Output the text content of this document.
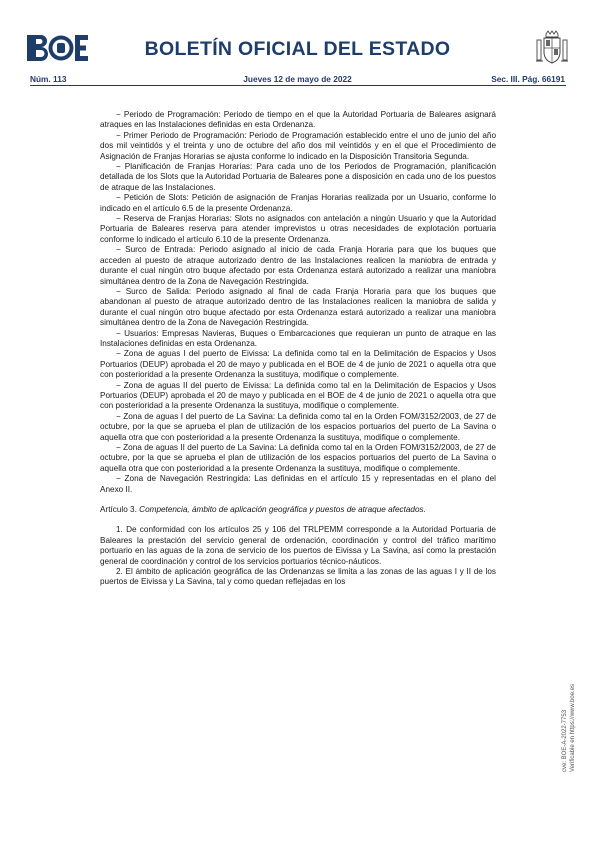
BOLETÍN OFICIAL DEL ESTADO
Núm. 113	Jueves 12 de mayo de 2022	Sec. III. Pág. 66191

− Periodo de Programación: Periodo de tiempo en el que la Autoridad Portuaria de Baleares asignará atraques en las Instalaciones definidas en esta Ordenanza.

− Primer Periodo de Programación: Periodo de Programación establecido entre el uno de junio del año dos mil veintidós y el treinta y uno de octubre del año dos mil veintidós y en el que el Procedimiento de Asignación de Franjas Horarias se ajusta conforme lo indicado en la Disposición Transitoria Segunda.

− Planificación de Franjas Horarias: Para cada uno de los Periodos de Programación, planificación detallada de los Slots que la Autoridad Portuaria de Baleares pone a disposición en cada uno de los puestos de atraque de las Instalaciones.

− Petición de Slots: Petición de asignación de Franjas Horarias realizada por un Usuario, conforme lo indicado en el artículo 6.5 de la presente Ordenanza.

− Reserva de Franjas Horarias: Slots no asignados con antelación a ningún Usuario y que la Autoridad Portuaria de Baleares reserva para atender imprevistos u otras necesidades de explotación portuaria conforme lo indicado el artículo 6.10 de la presente Ordenanza.

− Surco de Entrada: Periodo asignado al inicio de cada Franja Horaria para que los buques que acceden al puesto de atraque autorizado dentro de las Instalaciones realicen la maniobra de entrada y durante el cual ningún otro buque afectado por esta Ordenanza estará autorizado a realizar una maniobra simultánea dentro de la Zona de Navegación Restringida.

− Surco de Salida: Periodo asignado al final de cada Franja Horaria para que los buques que abandonan al puesto de atraque autorizado dentro de las Instalaciones realicen la maniobra de salida y durante el cual ningún otro buque afectado por esta Ordenanza estará autorizado a realizar una maniobra simultánea dentro de la Zona de Navegación Restringida.

− Usuarios: Empresas Navieras, Buques o Embarcaciones que requieran un punto de atraque en las Instalaciones definidas en esta Ordenanza.

− Zona de aguas I del puerto de Eivissa: La definida como tal en la Delimitación de Espacios y Usos Portuarios (DEUP) aprobada el 20 de mayo y publicada en el BOE de 4 de junio de 2021 o aquella otra que con posterioridad a la presente Ordenanza la sustituya, modifique o complemente.

− Zona de aguas II del puerto de Eivissa: La definida como tal en la Delimitación de Espacios y Usos Portuarios (DEUP) aprobada el 20 de mayo y publicada en el BOE de 4 de junio de 2021 o aquella otra que con posterioridad a la presente Ordenanza la sustituya, modifique o complemente.

− Zona de aguas I del puerto de La Savina: La definida como tal en la Orden FOM/3152/2003, de 27 de octubre, por la que se aprueba el plan de utilización de los espacios portuarios del puerto de La Savina o aquella otra que con posterioridad a la presente Ordenanza la sustituya, modifique o complemente.

− Zona de aguas II del puerto de La Savina: La definida como tal en la Orden FOM/3152/2003, de 27 de octubre, por la que se aprueba el plan de utilización de los espacios portuarios del puerto de La Savina o aquella otra que con posterioridad a la presente Ordenanza la sustituya, modifique o complemente.

− Zona de Navegación Restringida: Las definidas en el artículo 15 y representadas en el plano del Anexo II.

Artículo 3. Competencia, ámbito de aplicación geográfica y puestos de atraque afectados.

1. De conformidad con los artículos 25 y 106 del TRLPEMM corresponde a la Autoridad Portuaria de Baleares la prestación del servicio general de ordenación, coordinación y control del tráfico marítimo portuario en las aguas de la zona de servicio de los puertos de Eivissa y La Savina, así como la prestación general de coordinación y control de los servicios portuarios técnico-náuticos.

2. El ámbito de aplicación geográfica de las Ordenanzas se limita a las zonas de las aguas I y II de los puertos de Eivissa y La Savina, tal y como quedan reflejadas en los

cve: BOE-A-2022-7753 Verificable en https://www.boe.es
